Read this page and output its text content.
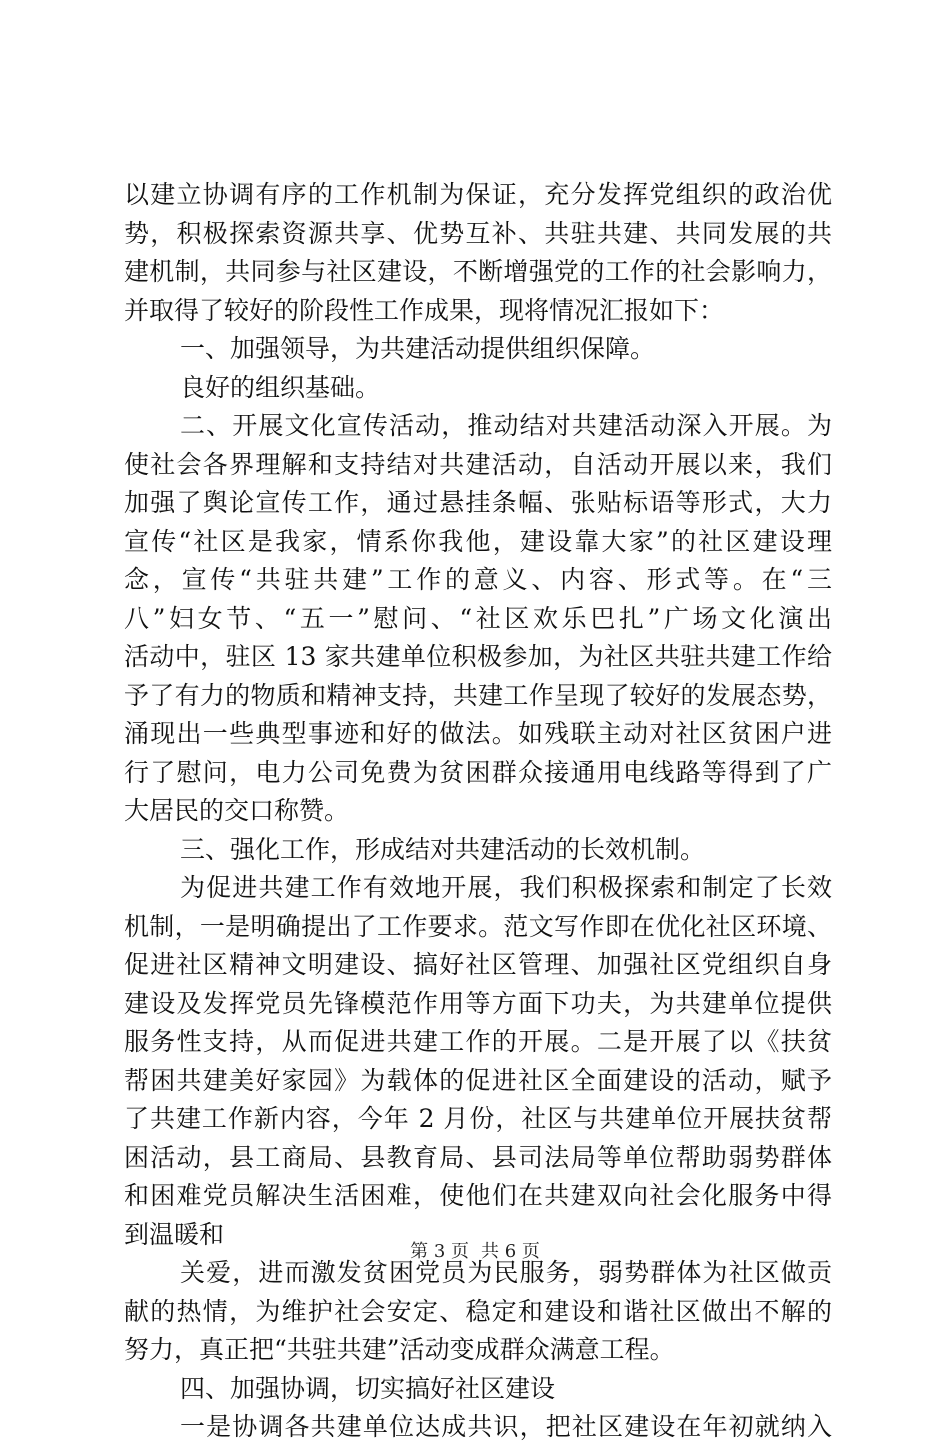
以建立协调有序的工作机制为保证，充分发挥党组织的政治优
势，积极探索资源共享、优势互补、共驻共建、共同发展的共
建机制，共同参与社区建设，不断增强党的工作的社会影响力，
并取得了较好的阶段性工作成果，现将情况汇报如下：
一、加强领导，为共建活动提供组织保障。
良好的组织基础。
二、开展文化宣传活动，推动结对共建活动深入开展。为
使社会各界理解和支持结对共建活动，自活动开展以来，我们
加强了舆论宣传工作，通过悬挂条幅、张贴标语等形式，大力
宣传“社区是我家，情系你我他，建设靠大家”的社区建设理
念，宣传“共驻共建”工作的意义、内容、形式等。在“三
八”妇女节、“五一”慰问、“社区欢乐巴扎”广场文化演出
活动中，驻区 13 家共建单位积极参加，为社区共驻共建工作给
予了有力的物质和精神支持，共建工作呈现了较好的发展态势，
涌现出一些典型事迹和好的做法。如残联主动对社区贫困户进
行了慰问，电力公司免费为贫困群众接通用电线路等得到了广
大居民的交口称赞。
三、强化工作，形成结对共建活动的长效机制。
为促进共建工作有效地开展，我们积极探索和制定了长效
机制，一是明确提出了工作要求。范文写作即在优化社区环境、
促进社区精神文明建设、搞好社区管理、加强社区党组织自身
建设及发挥党员先锋模范作用等方面下功夫，为共建单位提供
服务性支持，从而促进共建工作的开展。二是开展了以《扶贫
帮困共建美好家园》为载体的促进社区全面建设的活动，赋予
了共建工作新内容，今年 2 月份，社区与共建单位开展扶贫帮
困活动，县工商局、县教育局、县司法局等单位帮助弱势群体
和困难党员解决生活困难，使他们在共建双向社会化服务中得
到温暖和
关爱，进而激发贫困党员为民服务，弱势群体为社区做贡
献的热情，为维护社会安定、稳定和建设和谐社区做出不解的
努力，真正把“共驻共建”活动变成群众满意工程。
四、加强协调，切实搞好社区建设
一是协调各共建单位达成共识，把社区建设在年初就纳入
第 3 页 共 6 页
